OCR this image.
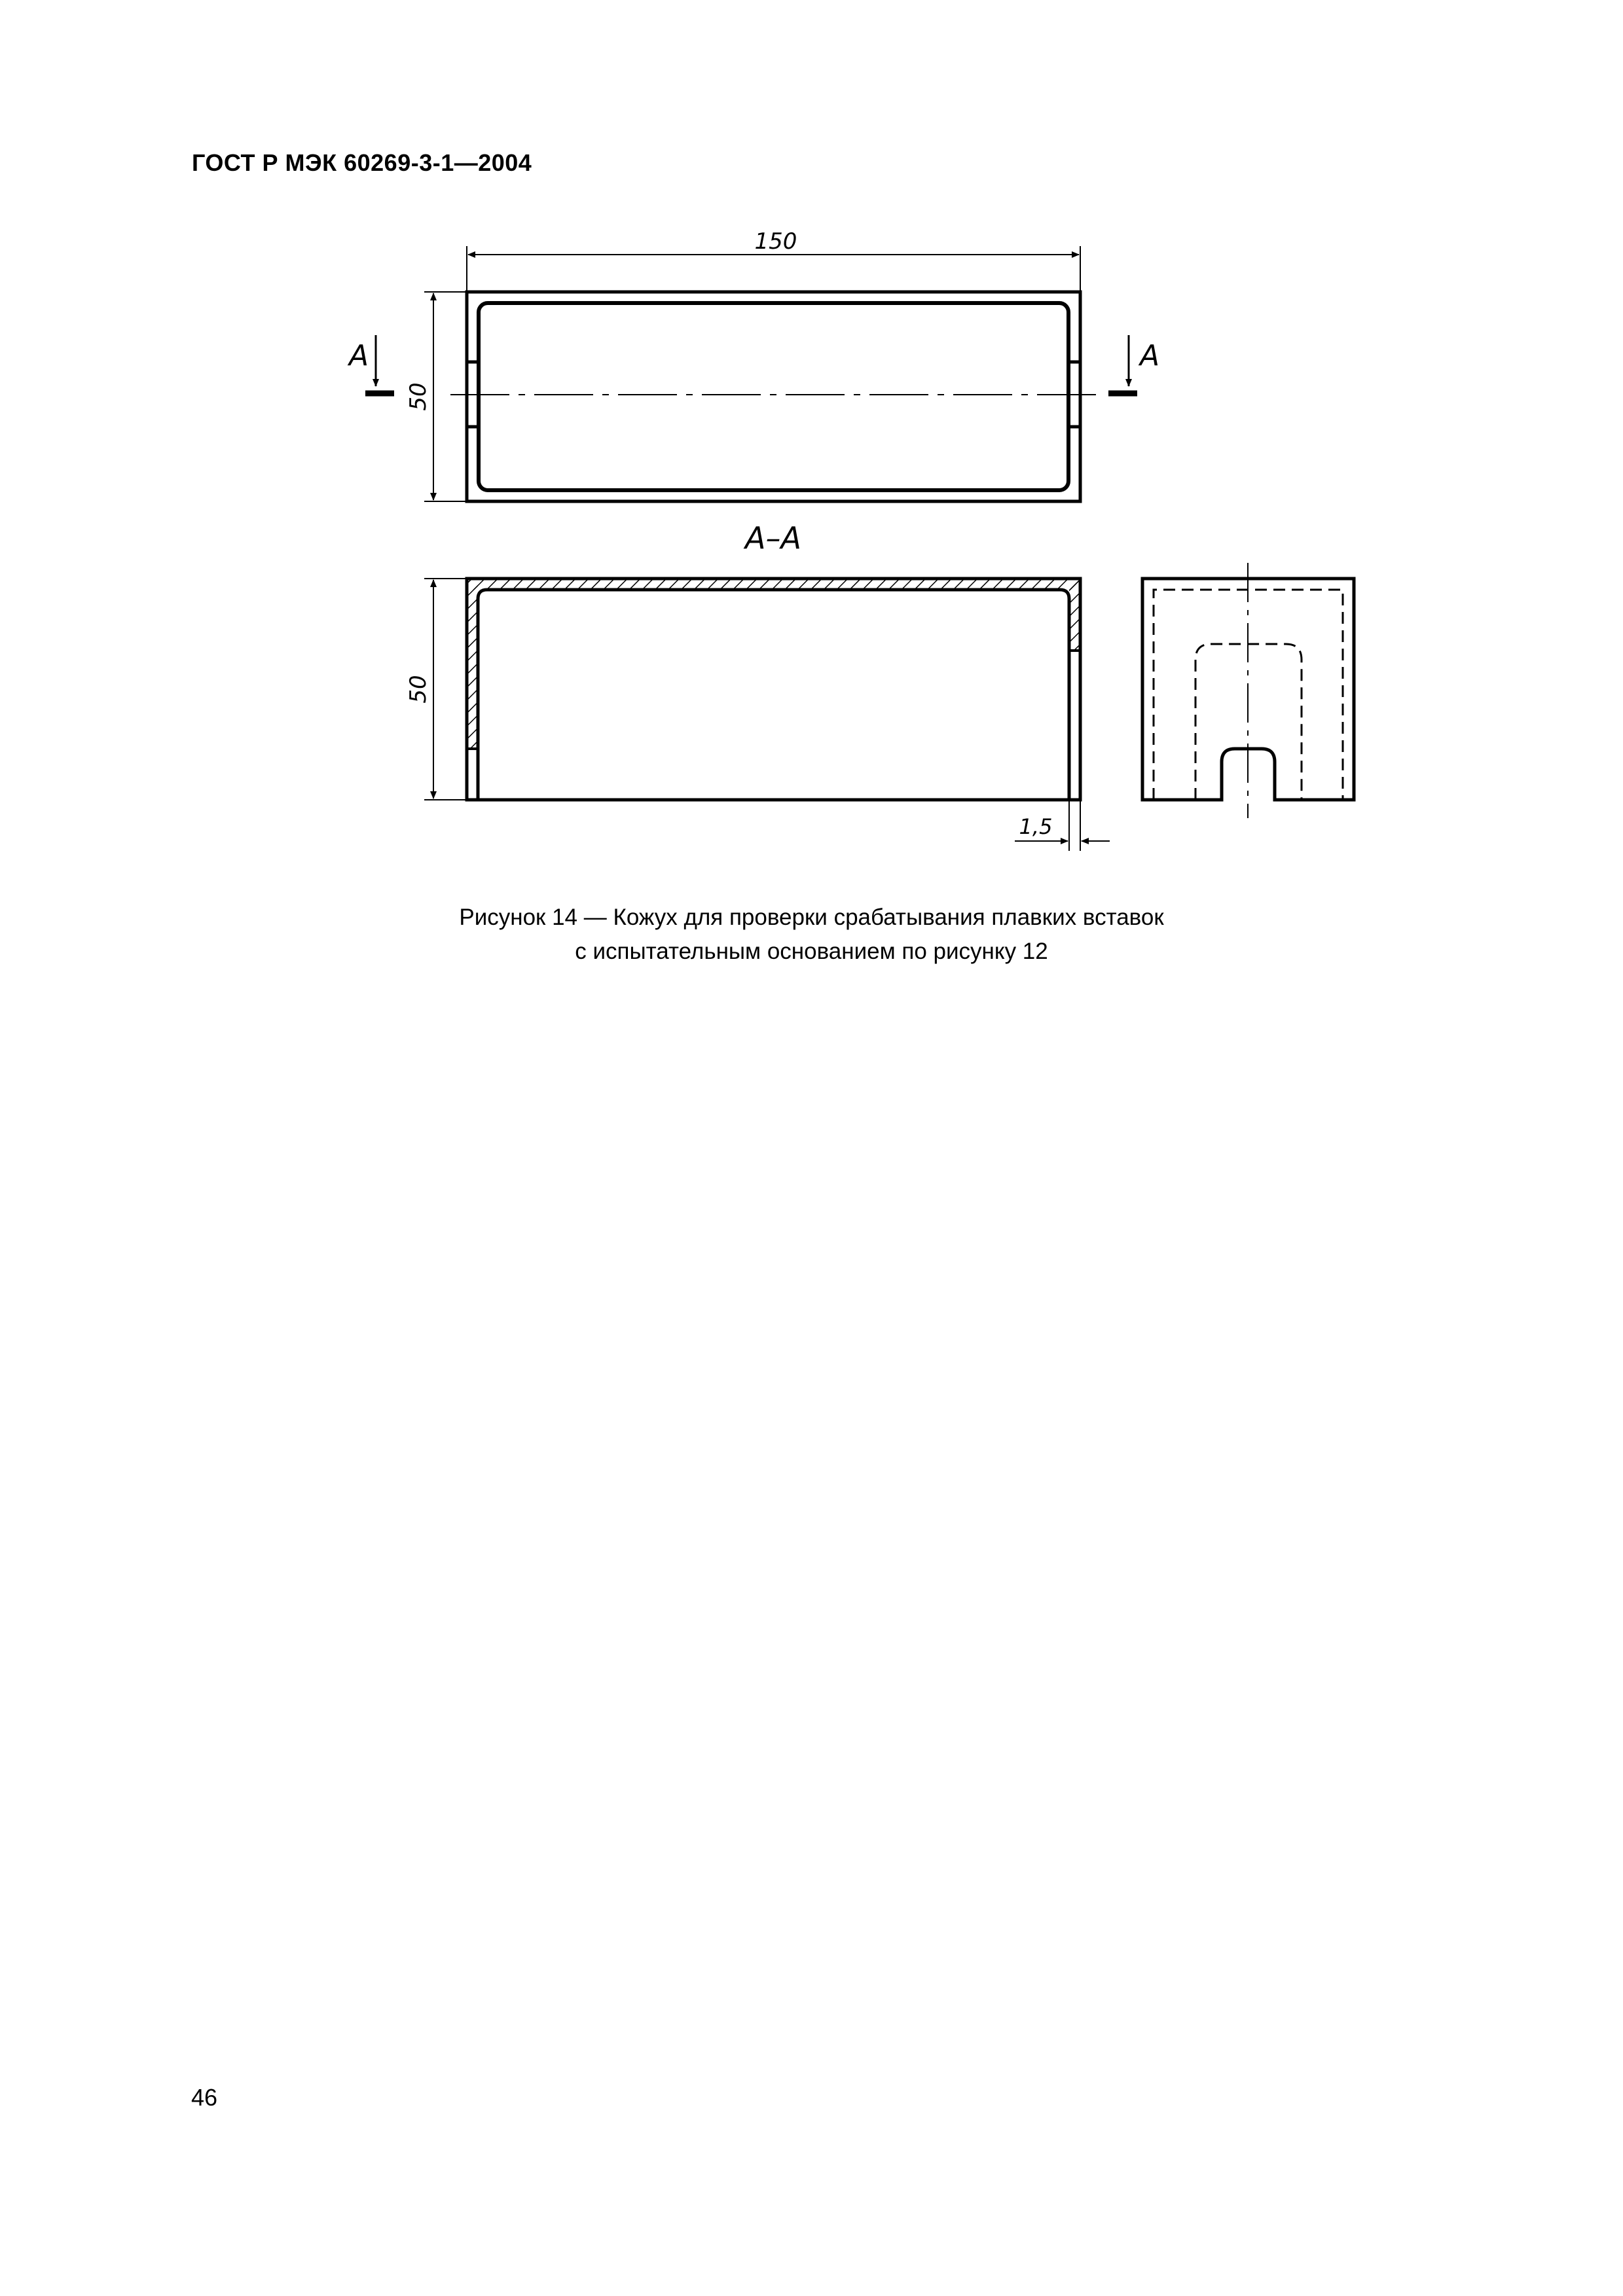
ГОСТ Р МЭК 60269-3-1—2004
150
50
A	A
A–A
50
1,5
Рисунок 14 — Кожух для проверки срабатывания плавких вставок
с испытательным основанием по рисунку 12
46
